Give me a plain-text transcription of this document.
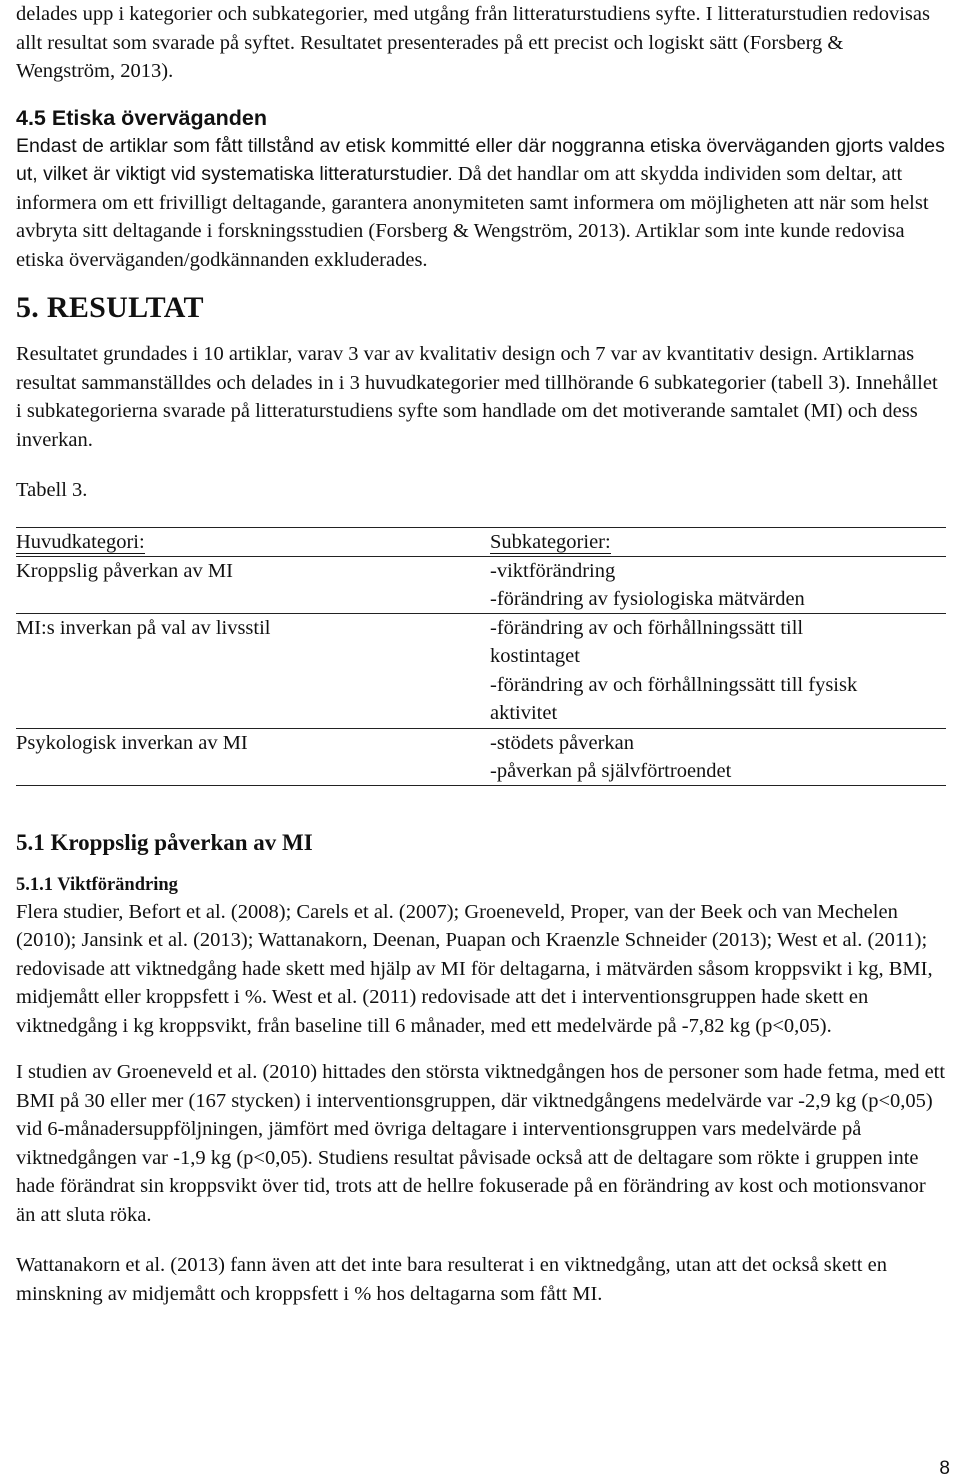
delades upp i kategorier och subkategorier, med utgång från litteraturstudiens syfte. I litteraturstudien redovisas allt resultat som svarade på syftet. Resultatet presenterades på ett precist och logiskt sätt (Forsberg & Wengström, 2013).

4.5 Etiska överväganden

Endast de artiklar som fått tillstånd av etisk kommitté eller där noggranna etiska överväganden gjorts valdes ut, vilket är viktigt vid systematiska litteraturstudier. Då det handlar om att skydda individen som deltar, att informera om ett frivilligt deltagande, garantera anonymiteten samt informera om möjligheten att när som helst avbryta sitt deltagande i forskningsstudien (Forsberg & Wengström, 2013). Artiklar som inte kunde redovisa etiska överväganden/godkännanden exkluderades.

5. RESULTAT

Resultatet grundades i 10 artiklar, varav 3 var av kvalitativ design och 7 var av kvantitativ design. Artiklarnas resultat sammanställdes och delades in i 3 huvudkategorier med tillhörande 6 subkategorier (tabell 3). Innehållet i subkategorierna svarade på litteraturstudiens syfte som handlade om det motiverande samtalet (MI) och dess inverkan.

Tabell 3.

Huvudkategori:	Subkategorier:
Kroppslig påverkan av MI	-viktförändring
-förändring av fysiologiska mätvärden
MI:s inverkan på val av livsstil	-förändring av och förhållningssätt till
kostintaget
-förändring av och förhållningssätt till fysisk
aktivitet
Psykologisk inverkan av MI	-stödets påverkan
-påverkan på självförtroendet
5.1 Kroppslig påverkan av MI
5.1.1 Viktförändring

Flera studier, Befort et al. (2008); Carels et al. (2007); Groeneveld, Proper, van der Beek och van Mechelen (2010); Jansink et al. (2013); Wattanakorn, Deenan, Puapan och Kraenzle Schneider (2013); West et al. (2011); redovisade att viktnedgång hade skett med hjälp av MI för deltagarna, i mätvärden såsom kroppsvikt i kg, BMI, midjemått eller kroppsfett i %. West et al. (2011) redovisade att det i interventionsgruppen hade skett en viktnedgång i kg kroppsvikt, från baseline till 6 månader, med ett medelvärde på -7,82 kg (p<0,05).

I studien av Groeneveld et al. (2010) hittades den största viktnedgången hos de personer som hade fetma, med ett BMI på 30 eller mer (167 stycken) i interventionsgruppen, där viktnedgångens medelvärde var -2,9 kg (p<0,05) vid 6-månadersuppföljningen, jämfört med övriga deltagare i interventionsgruppen vars medelvärde på viktnedgången var -1,9 kg (p<0,05). Studiens resultat påvisade också att de deltagare som rökte i gruppen inte hade förändrat sin kroppsvikt över tid, trots att de hellre fokuserade på en förändring av kost och motionsvanor än att sluta röka.

Wattanakorn et al. (2013) fann även att det inte bara resulterat i en viktnedgång, utan att det också skett en minskning av midjemått och kroppsfett i % hos deltagarna som fått MI.

8
